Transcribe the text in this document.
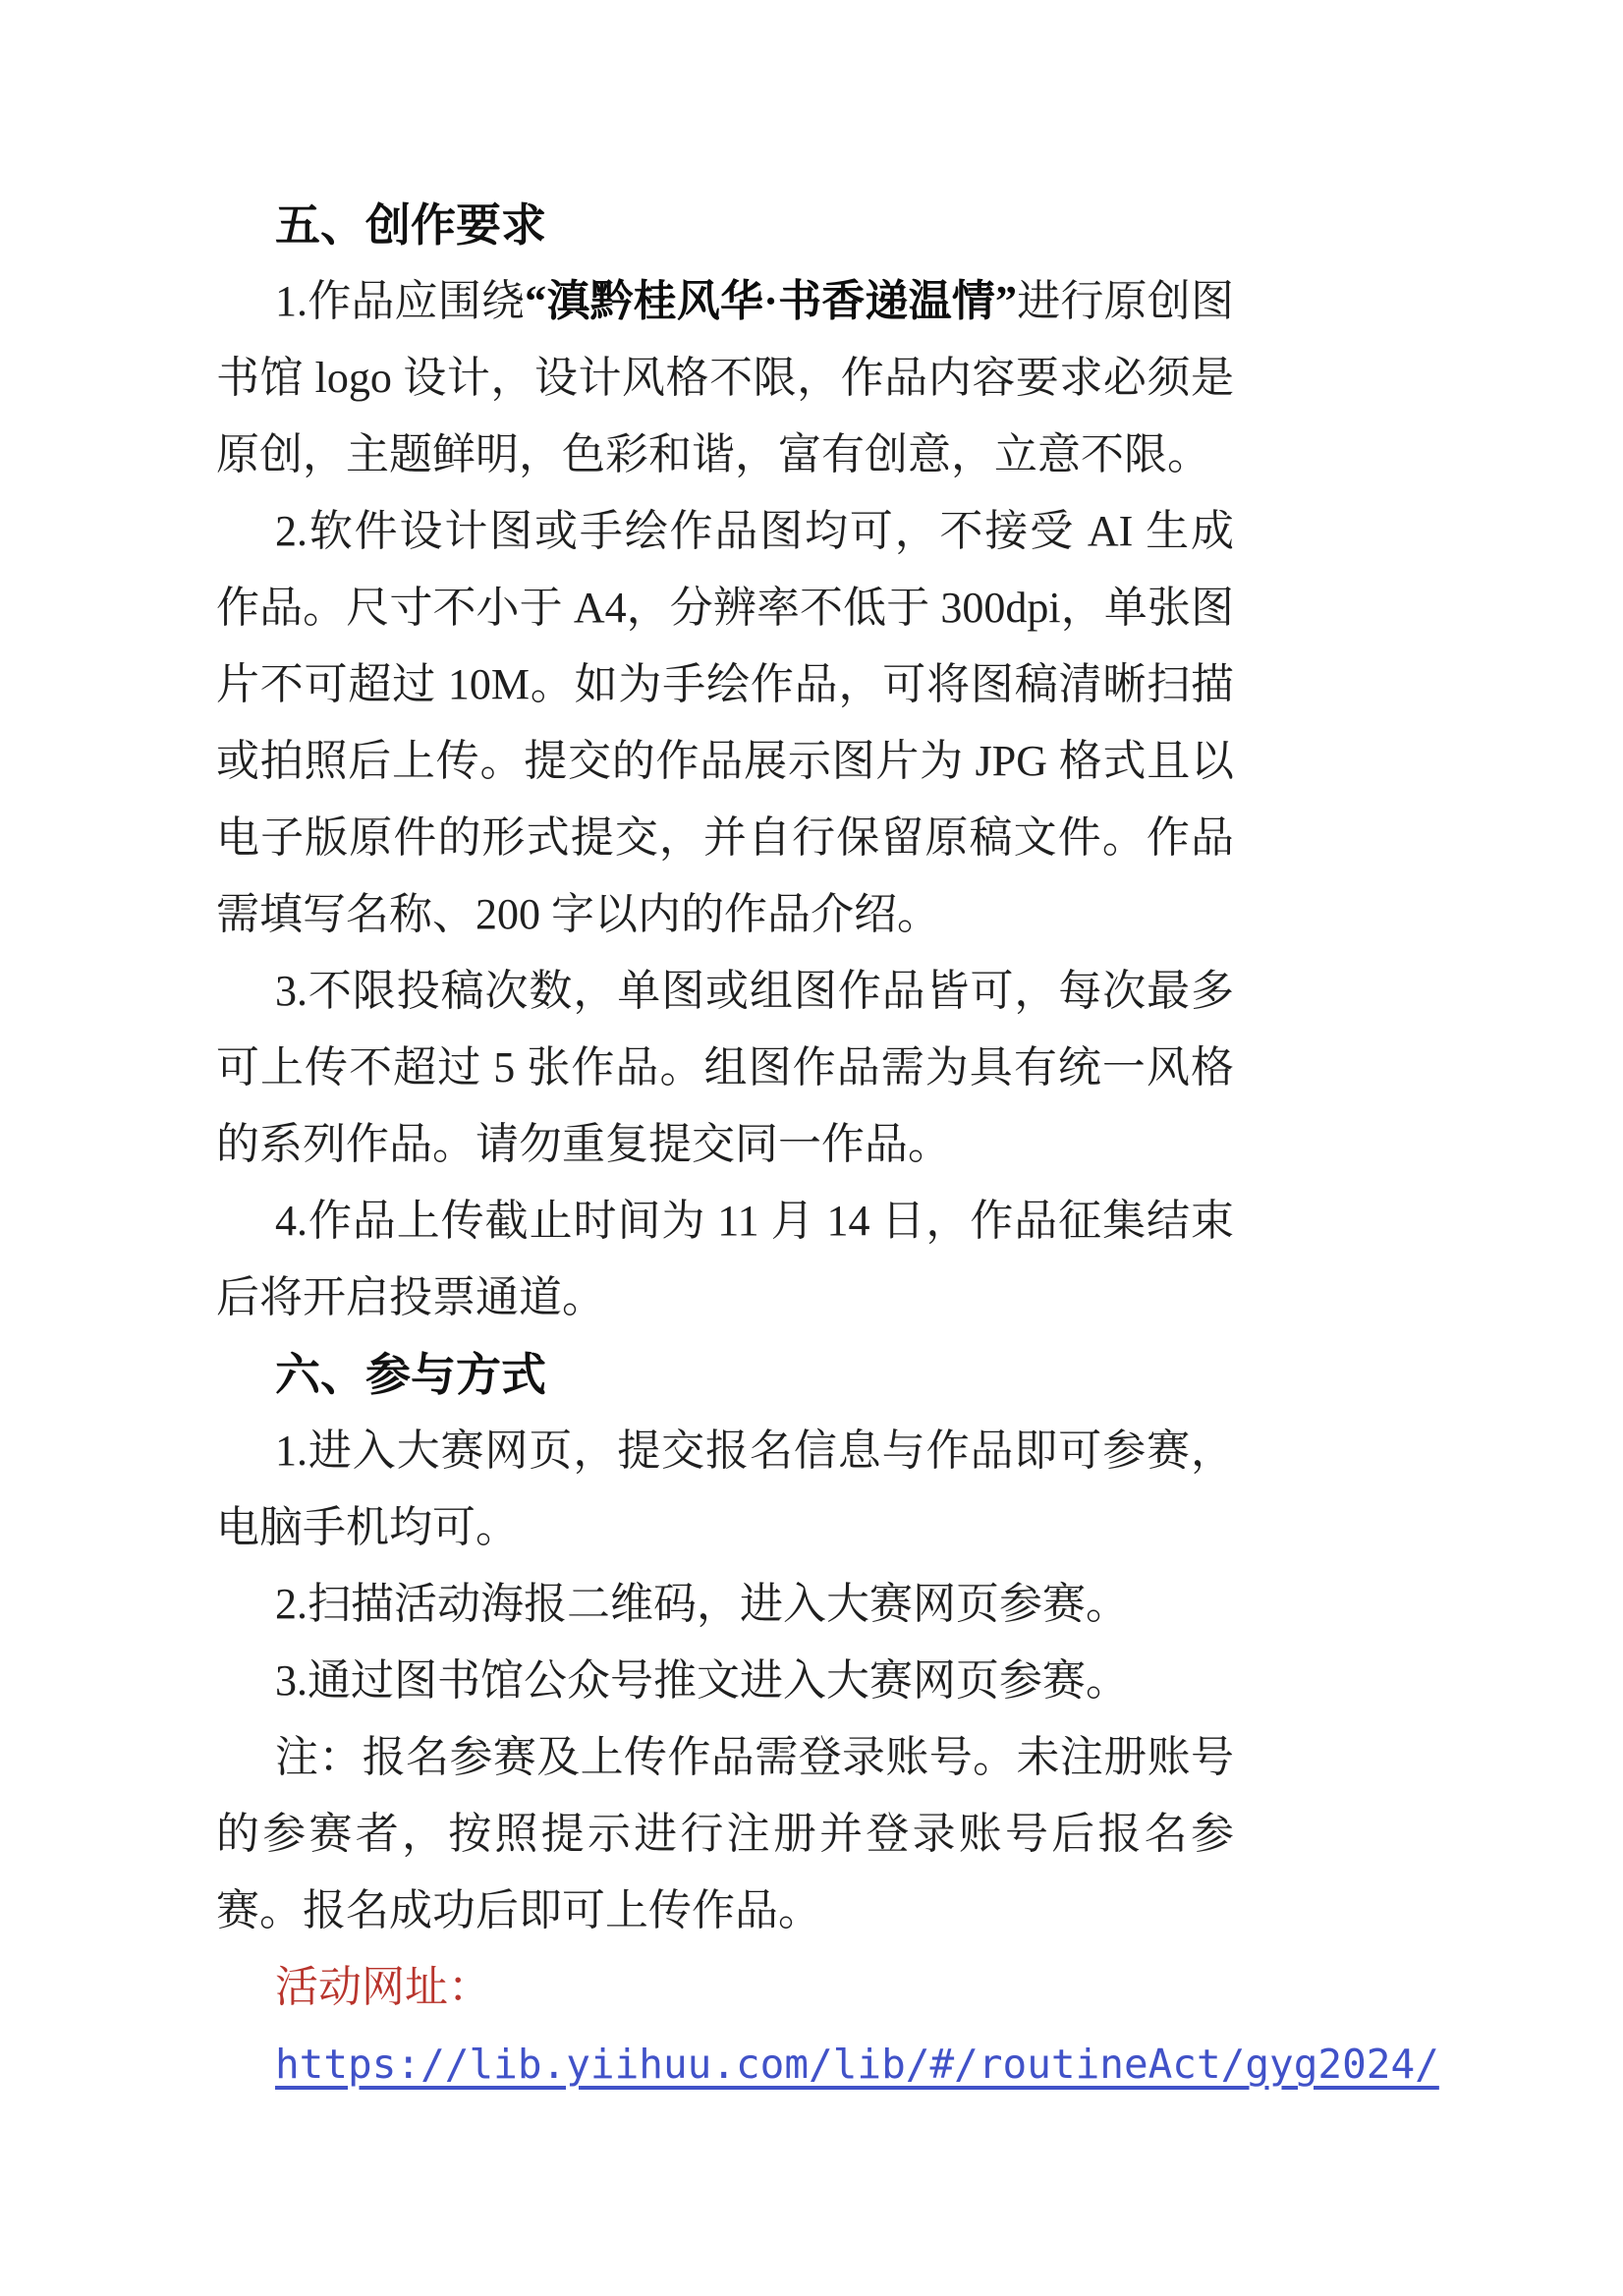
五、创作要求

1.作品应围绕“滇黔桂风华·书香递温情”进行原创图书馆 logo 设计，设计风格不限，作品内容要求必须是原创，主题鲜明，色彩和谐，富有创意，立意不限。

2.软件设计图或手绘作品图均可，不接受 AI 生成作品。尺寸不小于 A4，分辨率不低于 300dpi，单张图片不可超过 10M。如为手绘作品，可将图稿清晰扫描或拍照后上传。提交的作品展示图片为 JPG 格式且以电子版原件的形式提交，并自行保留原稿文件。作品需填写名称、200 字以内的作品介绍。

3.不限投稿次数，单图或组图作品皆可，每次最多可上传不超过 5 张作品。组图作品需为具有统一风格的系列作品。请勿重复提交同一作品。

4.作品上传截止时间为 11 月 14 日，作品征集结束后将开启投票通道。

六、参与方式

1.进入大赛网页，提交报名信息与作品即可参赛，电脑手机均可。

2.扫描活动海报二维码，进入大赛网页参赛。

3.通过图书馆公众号推文进入大赛网页参赛。

注：报名参赛及上传作品需登录账号。未注册账号的参赛者，按照提示进行注册并登录账号后报名参赛。报名成功后即可上传作品。

活动网址：

https://lib.yiihuu.com/lib/#/routineAct/gyg2024/
